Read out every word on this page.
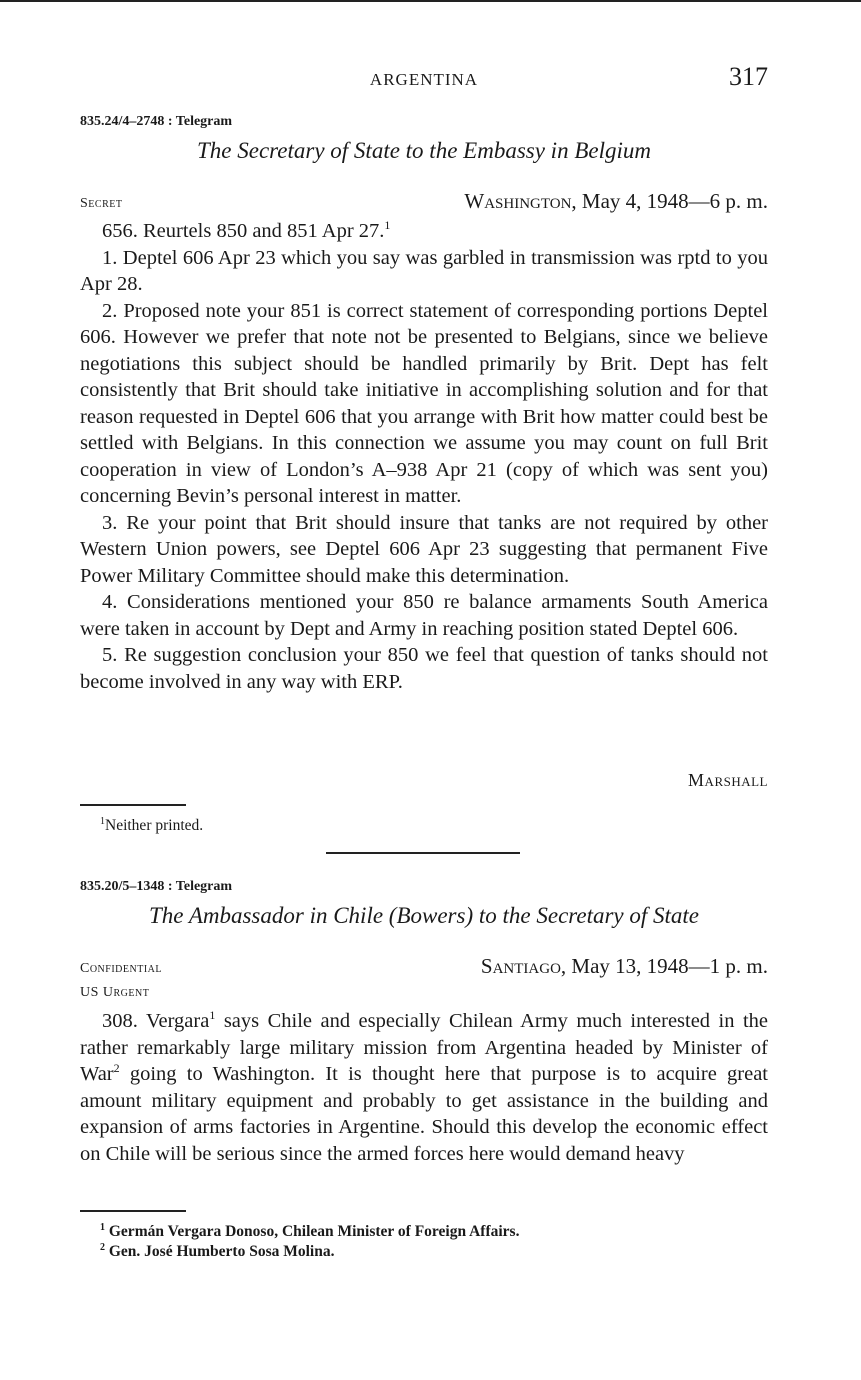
ARGENTINA	317
835.24/4–2748 : Telegram
The Secretary of State to the Embassy in Belgium
Secret	Washington, May 4, 1948—6 p. m.

656. Reurtels 850 and 851 Apr 27.$^1$

1. Deptel 606 Apr 23 which you say was garbled in transmission was rptd to you Apr 28.

2. Proposed note your 851 is correct statement of corresponding portions Deptel 606. However we prefer that note not be presented to Belgians, since we believe negotiations this subject should be handled primarily by Brit. Dept has felt consistently that Brit should take initiative in accomplishing solution and for that reason requested in Deptel 606 that you arrange with Brit how matter could best be settled with Belgians. In this connection we assume you may count on full Brit cooperation in view of London’s A–938 Apr 21 (copy of which was sent you) concerning Bevin’s personal interest in matter.

3. Re your point that Brit should insure that tanks are not required by other Western Union powers, see Deptel 606 Apr 23 suggesting that permanent Five Power Military Committee should make this determination.

4. Considerations mentioned your 850 re balance armaments South America were taken in account by Dept and Army in reaching position stated Deptel 606.

5. Re suggestion conclusion your 850 we feel that question of tanks should not become involved in any way with ERP.

Marshall
$^1$Neither printed.
835.20/5–1348 : Telegram
The Ambassador in Chile (Bowers) to the Secretary of State
Confidential	Santiago, May 13, 1948—1 p. m.
US Urgent

308. Vergara$^1$ says Chile and especially Chilean Army much interested in the rather remarkably large military mission from Argentina headed by Minister of War$^2$ going to Washington. It is thought here that purpose is to acquire great amount military equipment and probably to get assistance in the building and expansion of arms factories in Argentine. Should this develop the economic effect on Chile will be serious since the armed forces here would demand heavy

$^1$ Germán Vergara Donoso, Chilean Minister of Foreign Affairs.
$^2$ Gen. José Humberto Sosa Molina.
